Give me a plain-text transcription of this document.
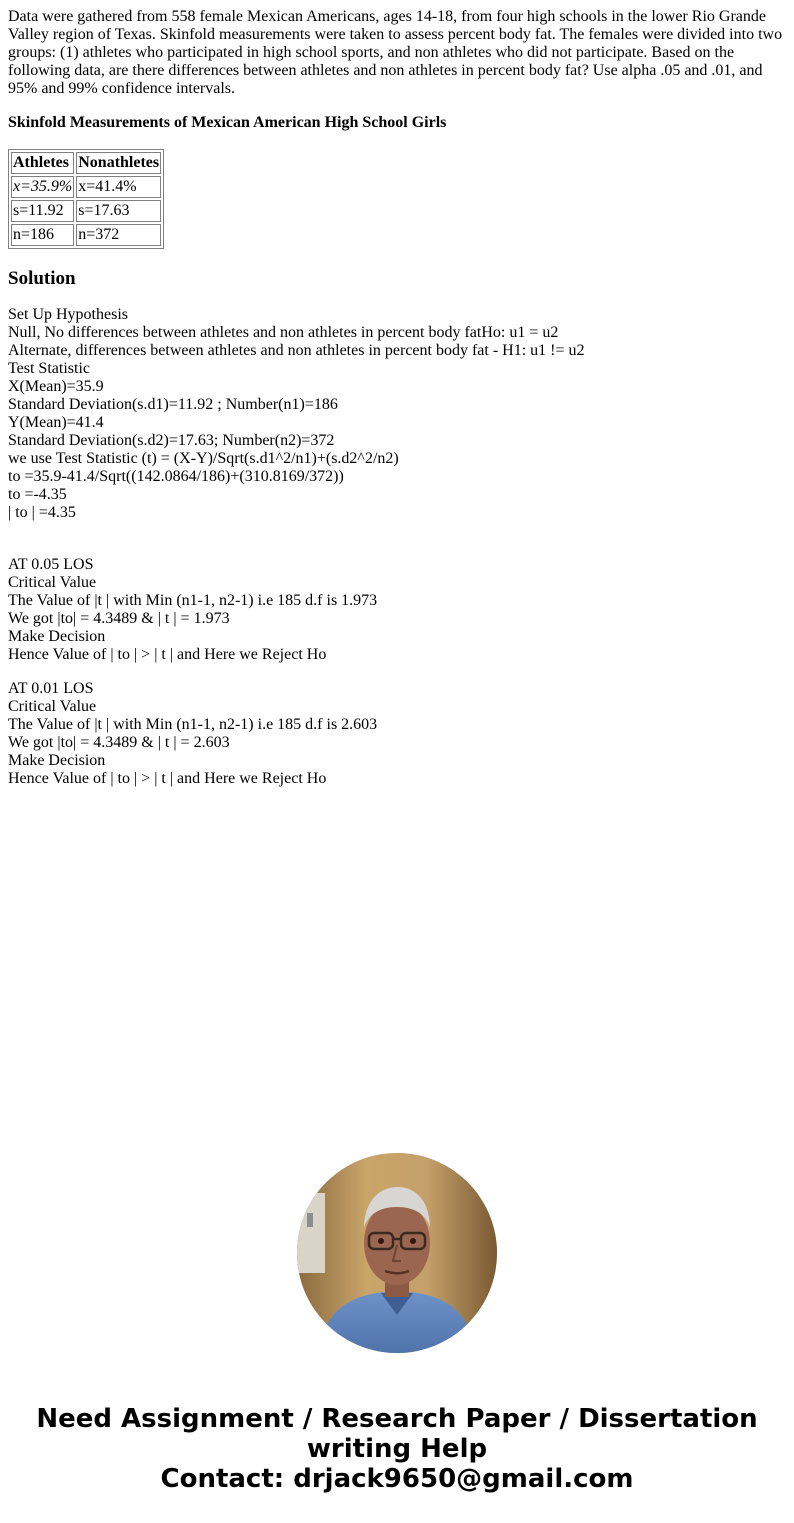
Data were gathered from 558 female Mexican Americans, ages 14-18, from four high schools in the lower Rio Grande Valley region of Texas. Skinfold measurements were taken to assess percent body fat. The females were divided into two groups: (1) athletes who participated in high school sports, and non athletes who did not participate. Based on the following data, are there differences between athletes and non athletes in percent body fat? Use alpha .05 and .01, and 95% and 99% confidence intervals.

Skinfold Measurements of Mexican American High School Girls

Athletes	Nonathletes
x=35.9%	x=41.4%
s=11.92	s=17.63
n=186	n=372
Solution
Set Up Hypothesis
Null, No differences between athletes and non athletes in percent body fatHo: u1 = u2
Alternate, differences between athletes and non athletes in percent body fat - H1: u1 != u2
Test Statistic
X(Mean)=35.9
Standard Deviation(s.d1)=11.92 ; Number(n1)=186
Y(Mean)=41.4
Standard Deviation(s.d2)=17.63; Number(n2)=372
we use Test Statistic (t) = (X-Y)/Sqrt(s.d1^2/n1)+(s.d2^2/n2)
to =35.9-41.4/Sqrt((142.0864/186)+(310.8169/372))
to =-4.35
| to | =4.35
AT 0.05 LOS
Critical Value
The Value of |t | with Min (n1-1, n2-1) i.e 185 d.f is 1.973
We got |to| = 4.3489 & | t | = 1.973
Make Decision
Hence Value of | to | > | t | and Here we Reject Ho
AT 0.01 LOS
Critical Value
The Value of |t | with Min (n1-1, n2-1) i.e 185 d.f is 2.603
We got |to| = 4.3489 & | t | = 2.603
Make Decision
Hence Value of | to | > | t | and Here we Reject Ho
Need Assignment / Research Paper / Dissertation
writing Help
Contact: drjack9650@gmail.com
